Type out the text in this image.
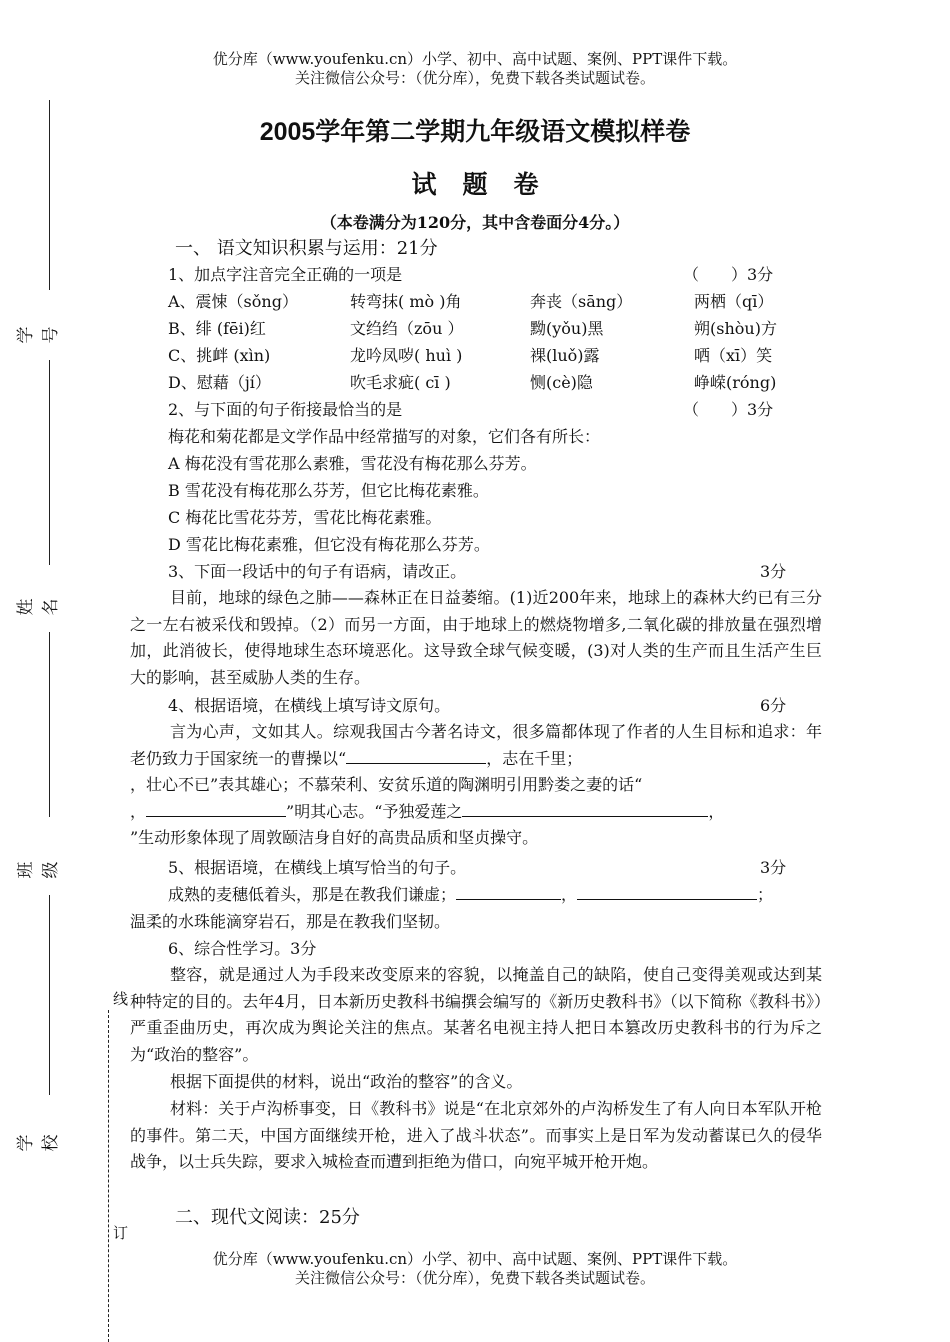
优分库（www.youfenku.cn）小学、初中、高中试题、案例、PPT课件下载。
关注微信公众号：（优分库），免费下载各类试题试卷。
2005学年第二学期九年级语文模拟样卷
试题卷
（本卷满分为120分，其中含卷面分4分。）
学号
姓名
班级
学校
线
订
一、 语文知识积累与运用：21分
1、加点字注音完全正确的一项是	（　　）3分
A、震悚（sǒng）	转弯抹( mò )角	奔丧（sāng）	两栖（qī）
B、绯 (fēi)红	文绉绉（zōu ）	黝(yǒu)黑	朔(shòu)方
C、挑衅 (xìn)	龙吟凤哕( huì )	裸(luǒ)露	哂（xī）笑
D、慰藉（jí）	吹毛求疵( cī )	恻(cè)隐	峥嵘(róng)
2、与下面的句子衔接最恰当的是	（　　）3分
梅花和菊花都是文学作品中经常描写的对象，它们各有所长：
A 梅花没有雪花那么素雅，雪花没有梅花那么芬芳。
B 雪花没有梅花那么芬芳，但它比梅花素雅。
C 梅花比雪花芬芳，雪花比梅花素雅。
D 雪花比梅花素雅，但它没有梅花那么芬芳。
3、下面一段话中的句子有语病，请改正。	3分
目前，地球的绿色之肺——森林正在日益萎缩。(1)近200年来，地球上的森林大约已有三分之一左右被采伐和毁掉。（2）而另一方面，由于地球上的燃烧物增多,二氧化碳的排放量在强烈增加，此消彼长，使得地球生态环境恶化。这导致全球气候变暖，(3)对人类的生产而且生活产生巨大的影响，甚至威胁人类的生存。
4、根据语境，在横线上填写诗文原句。	6分
言为心声，文如其人。综观我国古今著名诗文，很多篇都体现了作者的人生目标和追求：年老仍致力于国家统一的曹操以“	，志在千里；
，壮心不已”表其雄心；不慕荣利、安贫乐道的陶渊明引用黔娄之妻的话“
，	”明其心志。“予独爱莲之	，
”生动形象体现了周敦颐洁身自好的高贵品质和坚贞操守。
5、根据语境，在横线上填写恰当的句子。	3分
成熟的麦穗低着头，那是在教我们谦虚；	，	；
温柔的水珠能滴穿岩石，那是在教我们坚韧。
6、综合性学习。3分
整容，就是通过人为手段来改变原来的容貌，以掩盖自己的缺陷，使自己变得美观或达到某种特定的目的。去年4月，日本新历史教科书编撰会编写的《新历史教科书》（以下简称《教科书》）严重歪曲历史，再次成为舆论关注的焦点。某著名电视主持人把日本篡改历史教科书的行为斥之为“政治的整容”。
根据下面提供的材料，说出“政治的整容”的含义。
材料：关于卢沟桥事变，日《教科书》说是“在北京郊外的卢沟桥发生了有人向日本军队开枪的事件。第二天，中国方面继续开枪，进入了战斗状态”。而事实上是日军为发动蓄谋已久的侵华战争，以士兵失踪，要求入城检查而遭到拒绝为借口，向宛平城开枪开炮。
二、现代文阅读：25分
优分库（www.youfenku.cn）小学、初中、高中试题、案例、PPT课件下载。
关注微信公众号：（优分库），免费下载各类试题试卷。
